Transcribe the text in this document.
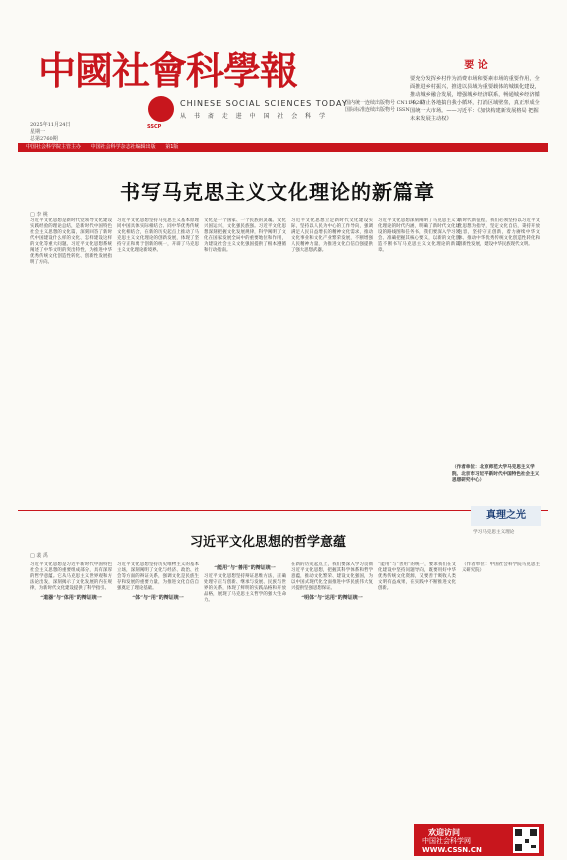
中國社會科學報
SSCP
CHINESE SOCIAL SCIENCES TODAY
从 书 斋 走 进 中 国 社 会 科 学
2025年11月24日
星期一
总第2760期
国内统一连续出版物号 CN11-0287
国际标准连续出版物号 ISSN
要 论
要充分发挥乡村作为消费市场和要素市场的重要作用，全面推进乡村振兴，推进以县域为重要载体的城镇化建设，推动城乡融合发展，增强城乡经济联系，畅通城乡经济循环，防止各地搞自我小循环，打消区域壁垒，真正形成全国统一大市场。——习近平：《加快构建新发展格局 把握未来发展主动权》
中国社会科学院主管主办 中国社会科学杂志社编辑出版 第1版
书写马克思主义文化理论的新篇章
□ 李 桃
习近平文化思想是新时代党领导文化建设实践经验的理论总结，是新时代中国特色社会主义思想的文化篇，深刻回答了新时代中国建设什么样的文化、怎样建设这样的文化等重大问题。习近平文化思想系统阐述了中华文明的突出特性，为推进中华优秀传统文化创造性转化、创新性发展指明了方向。
习近平文化思想坚持马克思主义基本原理同中国具体实际相结合、同中华优秀传统文化相结合，在新的历史起点上推动了马克思主义文化理论的创新发展，体现了坚持守正和勇于创新的统一，开辟了马克思主义文化理论新境界。
文化是一个国家、一个民族的灵魂。文化兴国运兴，文化强民族强。习近平文化思想深刻把握文化发展规律，科学阐明了文化在国家发展全局中的重要地位和作用，为建设社会主义文化强国提供了根本遵循和行动指南。
习近平文化思想立足新时代文化建设实际，坚持以人民为中心的工作导向，强调满足人民日益增长的精神文化需求，推动文化事业和文化产业繁荣发展，不断增强人民精神力量，为推进文化自信自强提供了强大思想武器。
习近平文化思想深刻阐明了马克思主义文化理论的时代内涵，明确了新时代文化建设的路线图和任务书，我们要深入学习领会、准确把握其核心要义，以新的文化创造不断书写马克思主义文化理论的新篇章。
新时代新征程，我们必须坚持以习近平文化思想为指导，坚定文化自信，秉持开放包容，坚持守正创新，着力赓续中华文脉、推动中华优秀传统文化创造性转化和创新性发展，建设中华民族现代文明。
（作者单位：北京师范大学马克思主义学院、北京市习近平新时代中国特色社会主义思想研究中心）
真理之光
学习马克思主义理论
习近平文化思想的哲学意蕴
□ 裴 禹
习近平文化思想是习近平新时代中国特色社会主义思想的重要组成部分，具有深厚的哲学意蕴。它从马克思主义世界观和方法论出发，深刻揭示了文化发展的内在规律，为新时代文化建设提供了科学指引。
“道器”与“体用”的辩证统一
习近平文化思想坚持历史唯物主义的基本立场，深刻阐明了文化与经济、政治、社会等方面的辩证关系，强调文化是民族生存和发展的重要力量，为推进文化自信自强奠定了理论基础。
“体”与“用”的辩证统一
“能用”与“善用”的辩证统一
习近平文化思想坚持辩证思维方法，正确处理守正与创新、继承与发展、民族与世界的关系，体现了鲜明的实践品格和开放品格，展现了马克思主义哲学的强大生命力。
在新的历史起点上，我们要深入学习贯彻习近平文化思想，把握其科学体系和哲学意蕴，推动文化繁荣、建设文化强国，为以中国式现代化全面推进中华民族伟大复兴提供坚强思想保证。
“明体”与“达用”的辩证统一
“能用”与“善用”的统一，要求我们在文化建设中坚持问题导向，既要用好中华优秀传统文化资源，又要善于吸收人类文明有益成果，在实践中不断推进文化创新。
（作者单位：中国社会科学院马克思主义研究院）
欢迎访问
中国社会科学网
WWW.CSSN.CN
